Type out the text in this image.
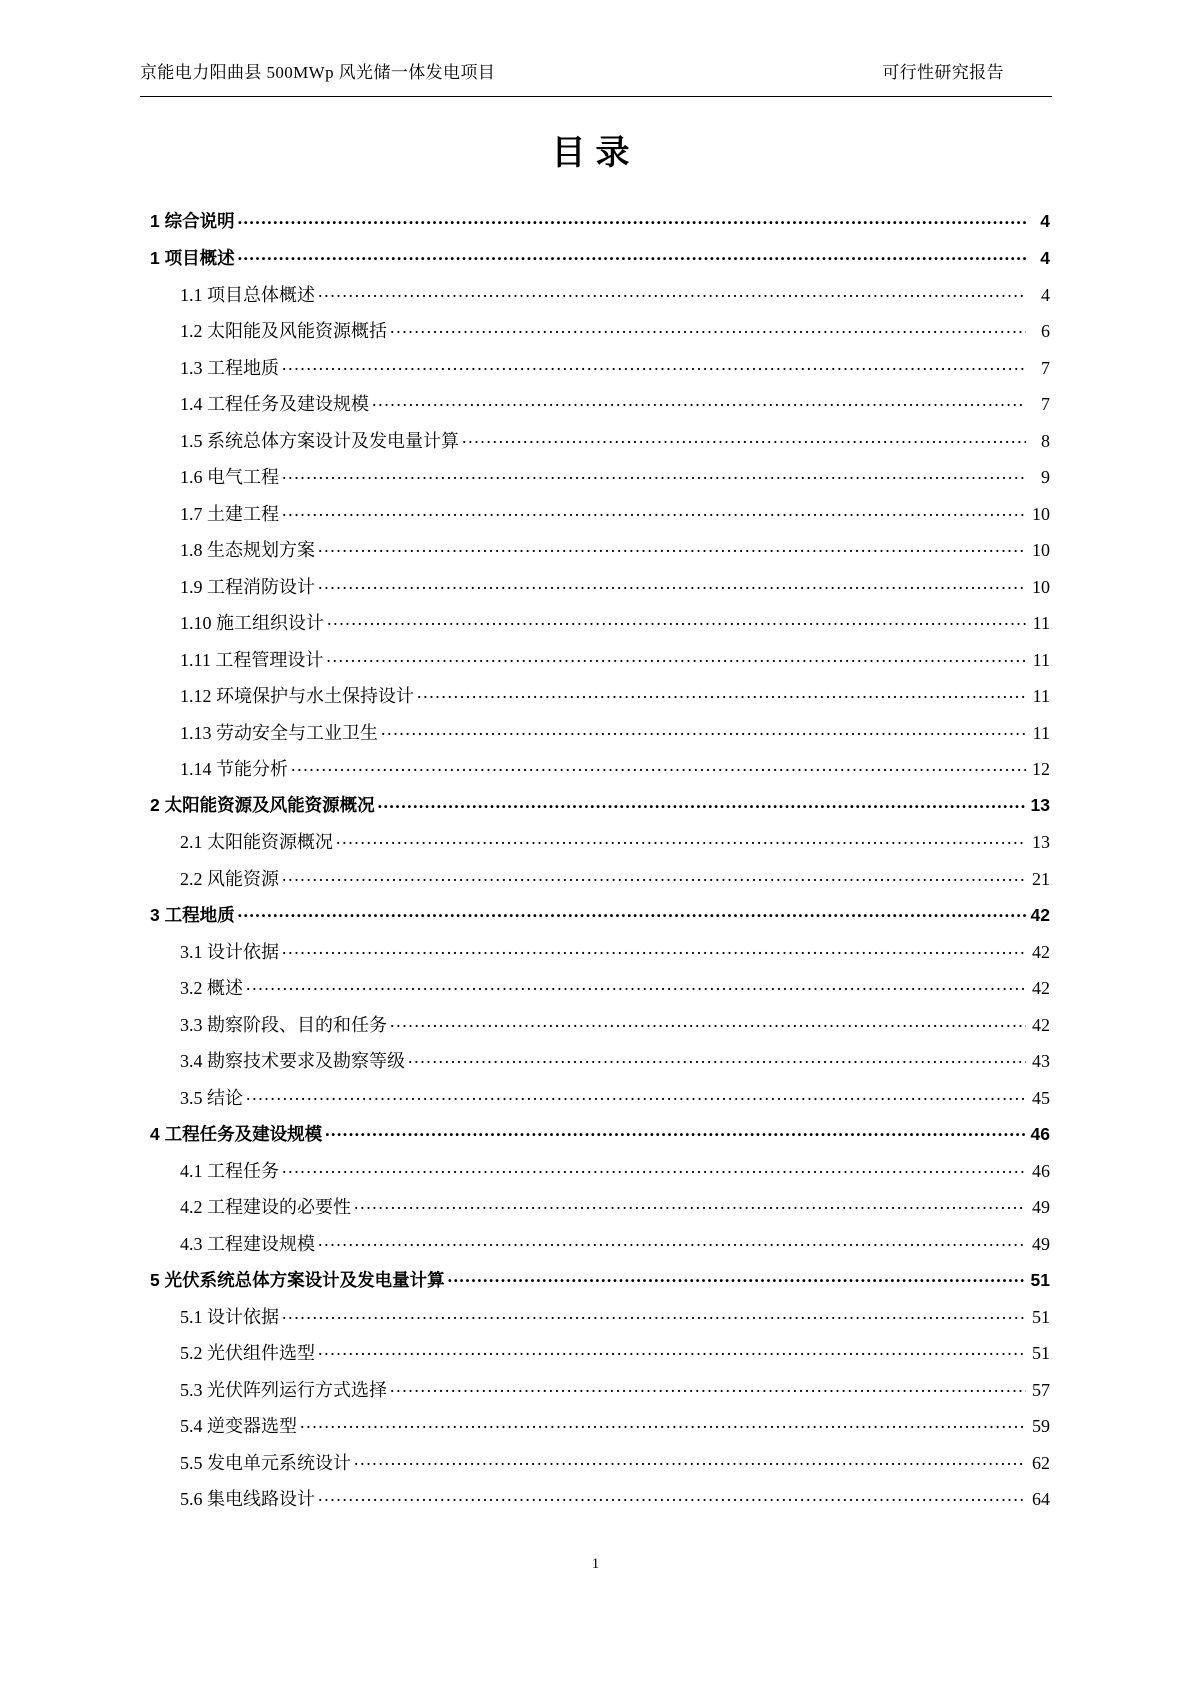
京能电力阳曲县 500MWp 风光储一体发电项目	可行性研究报告
目录
1 综合说明 .....	4
1 项目概述 .....	4
1.1 项目总体概述 .....	4
1.2 太阳能及风能资源概括 .....	6
1.3 工程地质 .....	7
1.4 工程任务及建设规模 .....	7
1.5 系统总体方案设计及发电量计算 .....	8
1.6 电气工程 .....	9
1.7 土建工程 .....	10
1.8 生态规划方案 .....	10
1.9 工程消防设计 .....	10
1.10 施工组织设计 .....	11
1.11 工程管理设计 .....	11
1.12 环境保护与水土保持设计 .....	11
1.13 劳动安全与工业卫生 .....	11
1.14 节能分析 .....	12
2 太阳能资源及风能资源概况 .....	13
2.1 太阳能资源概况 .....	13
2.2 风能资源 .....	21
3 工程地质 .....	42
3.1 设计依据 .....	42
3.2 概述 .....	42
3.3 勘察阶段、目的和任务 .....	42
3.4 勘察技术要求及勘察等级 .....	43
3.5 结论 .....	45
4 工程任务及建设规模 .....	46
4.1 工程任务 .....	46
4.2 工程建设的必要性 .....	49
4.3 工程建设规模 .....	49
5 光伏系统总体方案设计及发电量计算 .....	51
5.1 设计依据 .....	51
5.2 光伏组件选型 .....	51
5.3 光伏阵列运行方式选择 .....	57
5.4 逆变器选型 .....	59
5.5 发电单元系统设计 .....	62
5.6 集电线路设计 .....	64
1
